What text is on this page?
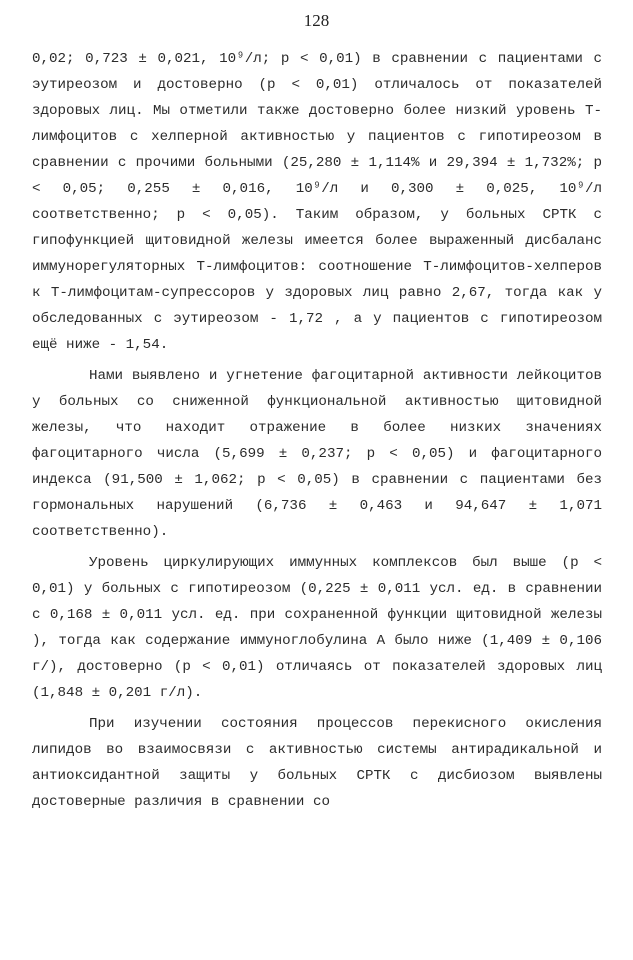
128

0,02; 0,723 ± 0,021, 10⁹/л; р < 0,01) в сравнении с пациентами с эутиреозом и достоверно (р < 0,01) отличалось от показателей здоровых лиц. Мы отметили также достоверно более низкий уровень Т-лимфоцитов с хелперной активностью у пациентов с гипотиреозом в сравнении с прочими больными (25,280 ± 1,114% и 29,394 ± 1,732%; р < 0,05; 0,255 ± 0,016, 10⁹/л и 0,300 ± 0,025, 10⁹/л соответственно; р < 0,05). Таким образом, у больных СРТК с гипофункцией щитовидной железы имеется более выраженный дисбаланс иммунорегуляторных Т-лимфоцитов: соотношение Т-лимфоцитов-хелперов к Т-лимфоцитам-супрессоров у здоровых лиц равно 2,67, тогда как у обследованных с эутиреозом - 1,72 , а у пациентов с гипотиреозом ещё ниже - 1,54.

Нами выявлено и угнетение фагоцитарной активности лейкоцитов у больных со сниженной функциональной активностью щитовидной железы, что находит отражение в более низких значениях фагоцитарного числа (5,699 ± 0,237; р < 0,05) и фагоцитарного индекса (91,500 ± 1,062; р < 0,05) в сравнении с пациентами без гормональных нарушений (6,736 ± 0,463 и 94,647 ± 1,071 соответственно).

Уровень циркулирующих иммунных комплексов был выше (р < 0,01) у больных с гипотиреозом (0,225 ± 0,011 усл. ед. в сравнении с 0,168 ± 0,011 усл. ед. при сохраненной функции щитовидной железы ), тогда как содержание иммуноглобулина А было ниже (1,409 ± 0,106 г/), достоверно (р < 0,01) отличаясь от показателей здоровых лиц (1,848 ± 0,201 г/л).

При изучении состояния процессов перекисного окисления липидов во взаимосвязи с активностью системы антирадикальной и антиоксидантной защиты у больных СРТК с дисбиозом выявлены достоверные различия в сравнении со
